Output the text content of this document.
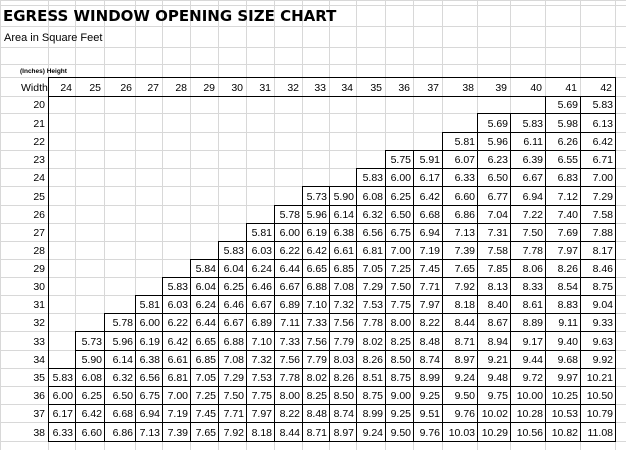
EGRESS WINDOW OPENING SIZE CHART
Area in Square Feet
(Inches) Height
Width 24 25 26 27 28 29 30 31 32 33 34 35 36 37 38 39 40 41 42
20
21
22
23
24
25
26
27
28
29
30
31
32
33
34
35
36
37
38
5.69 5.83
5.69 5.83 5.98 6.13
5.81 5.96 6.11 6.26 6.42
5.75 5.91 6.07 6.23 6.39 6.55 6.71
5.83 6.00 6.17 6.33 6.50 6.67 6.83 7.00
5.73 5.90 6.08 6.25 6.42 6.60 6.77 6.94 7.12 7.29
5.78 5.96 6.14 6.32 6.50 6.68 6.86 7.04 7.22 7.40 7.58
5.81 6.00 6.19 6.38 6.56 6.75 6.94 7.13 7.31 7.50 7.69 7.88
5.83 6.03 6.22 6.42 6.61 6.81 7.00 7.19 7.39 7.58 7.78 7.97 8.17
5.84 6.04 6.24 6.44 6.65 6.85 7.05 7.25 7.45 7.65 7.85 8.06 8.26 8.46
5.83 6.04 6.25 6.46 6.67 6.88 7.08 7.29 7.50 7.71 7.92 8.13 8.33 8.54 8.75
5.81 6.03 6.24 6.46 6.67 6.89 7.10 7.32 7.53 7.75 7.97 8.18 8.40 8.61 8.83 9.04
5.78 6.00 6.22 6.44 6.67 6.89 7.11 7.33 7.56 7.78 8.00 8.22 8.44 8.67 8.89 9.11 9.33
5.73 5.96 6.19 6.42 6.65 6.88 7.10 7.33 7.56 7.79 8.02 8.25 8.48 8.71 8.94 9.17 9.40 9.63
5.90 6.14 6.38 6.61 6.85 7.08 7.32 7.56 7.79 8.03 8.26 8.50 8.74 8.97 9.21 9.44 9.68 9.92
5.83 6.08 6.32 6.56 6.81 7.05 7.29 7.53 7.78 8.02 8.26 8.51 8.75 8.99 9.24 9.48 9.72 9.97 10.21
6.00 6.25 6.50 6.75 7.00 7.25 7.50 7.75 8.00 8.25 8.50 8.75 9.00 9.25 9.50 9.75 10.00 10.25 10.50
6.17 6.42 6.68 6.94 7.19 7.45 7.71 7.97 8.22 8.48 8.74 8.99 9.25 9.51 9.76 10.02 10.28 10.53 10.79
6.33 6.60 6.86 7.13 7.39 7.65 7.92 8.18 8.44 8.71 8.97 9.24 9.50 9.76 10.03 10.29 10.56 10.82 11.08
